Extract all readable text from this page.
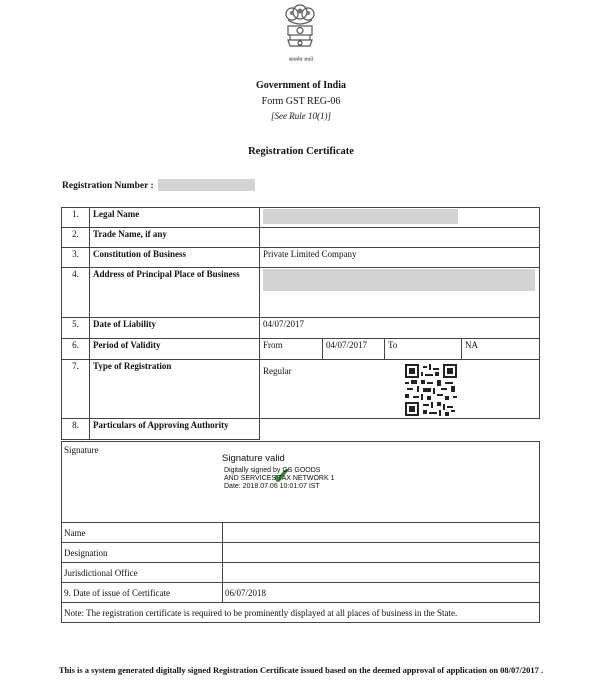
सत्यमेव जयते
Government of India
Form GST REG-06
[See Rule 10(1)]
Registration Certificate
Registration Number :
1.	Legal Name				

2.	Trade Name, if any				
3.	Constitution of Business	Private Limited Company			
4.	Address of Principal Place of Business				

5.	Date of Liability	04/07/2017			
6.	Period of Validity	From	04/07/2017	To	NA
7.	Type of Registration	Regular			

8.	Particulars of Approving Authority				
Signature
Signature valid
✔
Digitally signed by GS GOODS
AND SERVICES TAX NETWORK 1
Date: 2018.07.06 10:01:07 IST
Name	
Designation	
Jurisdictional Office	
9. Date of issue of Certificate	06/07/2018
Note: The registration certificate is required to be prominently displayed at all places of business in the State.	
This is a system generated digitally signed Registration Certificate issued based on the deemed approval of application on 08/07/2017 .
